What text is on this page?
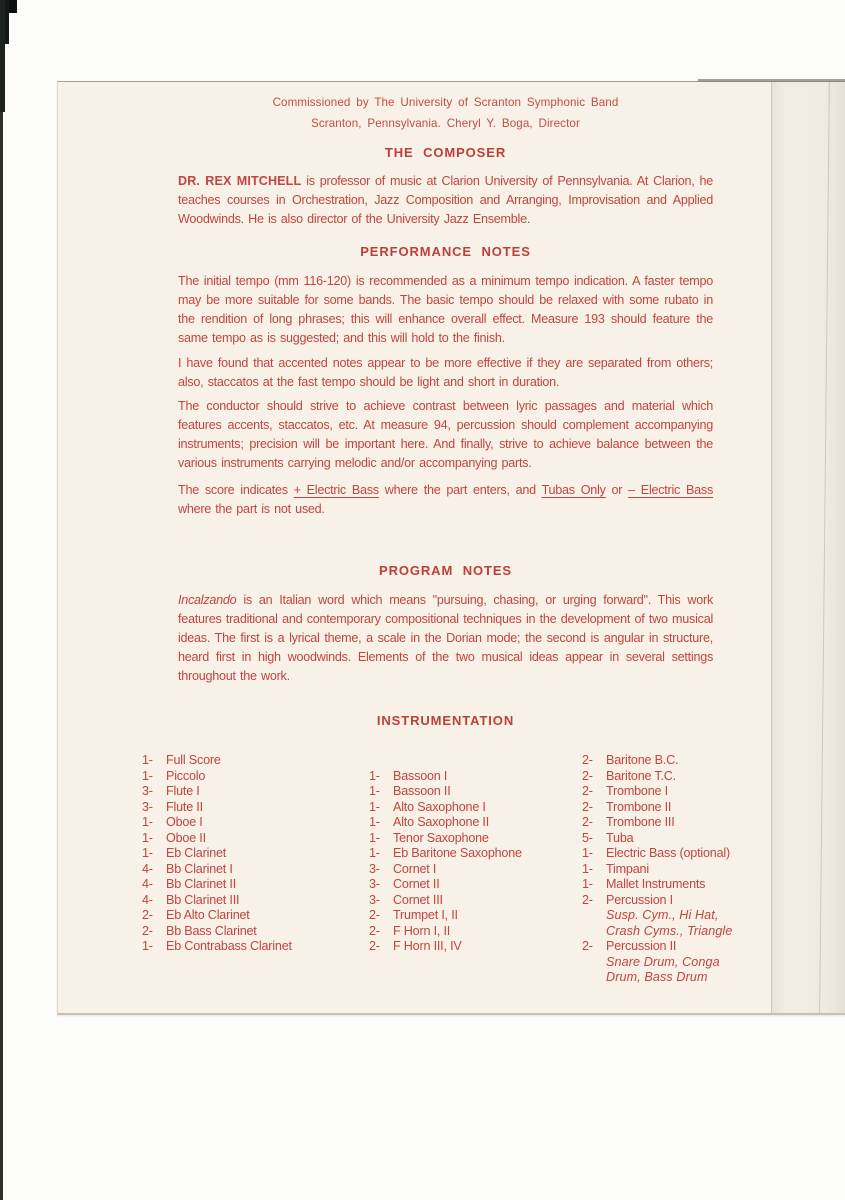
Commissioned by The University of Scranton Symphonic Band
Scranton, Pennsylvania. Cheryl Y. Boga, Director
THE COMPOSER

DR. REX MITCHELL is professor of music at Clarion University of Pennsylvania. At Clarion, he teaches courses in Orchestration, Jazz Composition and Arranging, Improvisation and Applied Woodwinds. He is also director of the University Jazz Ensemble.

PERFORMANCE NOTES

The initial tempo (mm 116-120) is recommended as a minimum tempo indication. A faster tempo may be more suitable for some bands. The basic tempo should be relaxed with some rubato in the rendition of long phrases; this will enhance overall effect. Measure 193 should feature the same tempo as is suggested; and this will hold to the finish.

I have found that accented notes appear to be more effective if they are separated from others; also, staccatos at the fast tempo should be light and short in duration.

The conductor should strive to achieve contrast between lyric passages and material which features accents, staccatos, etc. At measure 94, percussion should complement accompanying instruments; precision will be important here. And finally, strive to achieve balance between the various instruments carrying melodic and/or accompanying parts.

The score indicates + Electric Bass where the part enters, and Tubas Only or – Electric Bass where the part is not used.

PROGRAM NOTES

Incalzando is an Italian word which means "pursuing, chasing, or urging forward". This work features traditional and contemporary compositional techniques in the development of two musical ideas. The first is a lyrical theme, a scale in the Dorian mode; the second is angular in structure, heard first in high woodwinds. Elements of the two musical ideas appear in several settings throughout the work.

INSTRUMENTATION
1- Full Score
1- Piccolo
3- Flute I
3- Flute II
1- Oboe I
1- Oboe II
1- Eb Clarinet
4- Bb Clarinet I
4- Bb Clarinet II
4- Bb Clarinet III
2- Eb Alto Clarinet
2- Bb Bass Clarinet
1- Eb Contrabass Clarinet
1- Bassoon I
1- Bassoon II
1- Alto Saxophone I
1- Alto Saxophone II
1- Tenor Saxophone
1- Eb Baritone Saxophone
3- Cornet I
3- Cornet II
3- Cornet III
2- Trumpet I, II
2- F Horn I, II
2- F Horn III, IV
2- Baritone B.C.
2- Baritone T.C.
2- Trombone I
2- Trombone II
2- Trombone III
5- Tuba
1- Electric Bass (optional)
1- Timpani
1- Mallet Instruments
2- Percussion I
Susp. Cym., Hi Hat,
Crash Cyms., Triangle
2- Percussion II
Snare Drum, Conga
Drum, Bass Drum
